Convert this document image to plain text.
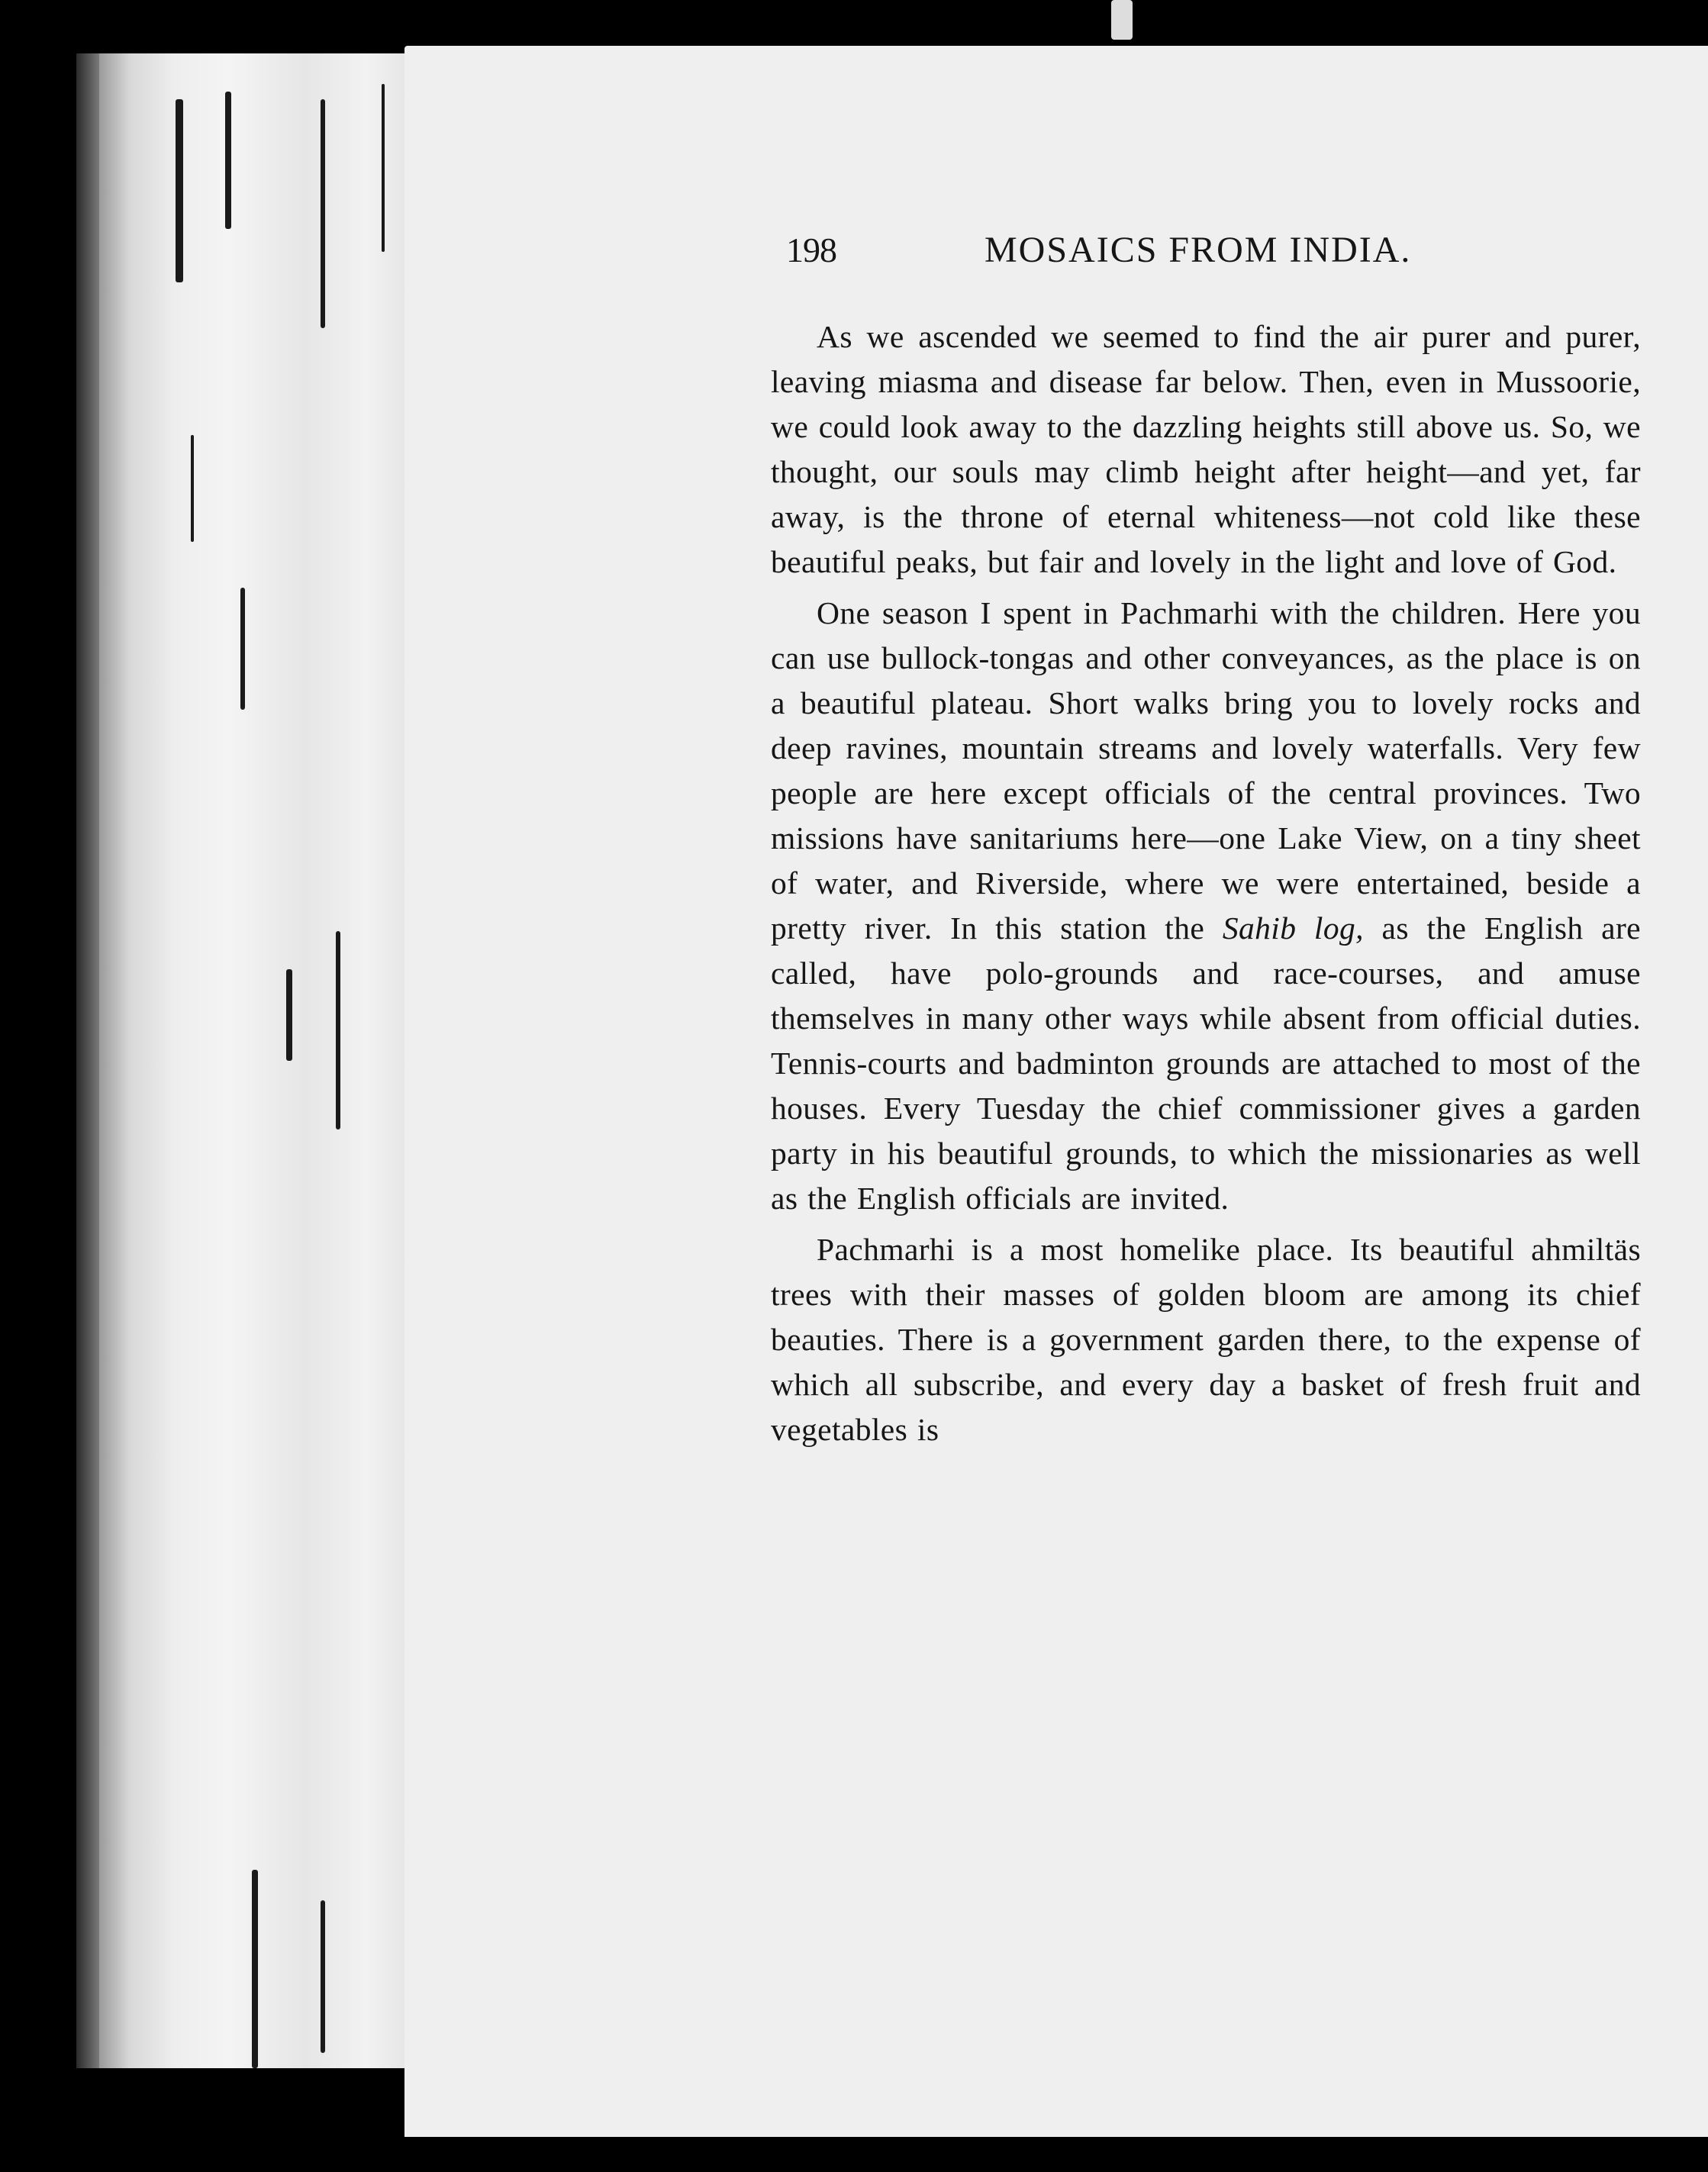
198	MOSAICS FROM INDIA.

As we ascended we seemed to find the air purer and purer, leaving miasma and disease far below. Then, even in Mussoorie, we could look away to the dazzling heights still above us. So, we thought, our souls may climb height after height—and yet, far away, is the throne of eternal whiteness—not cold like these beautiful peaks, but fair and lovely in the light and love of God.

One season I spent in Pachmarhi with the children. Here you can use bullock-tongas and other conveyances, as the place is on a beautiful plateau. Short walks bring you to lovely rocks and deep ravines, mountain streams and lovely waterfalls. Very few people are here except officials of the central provinces. Two missions have sanitariums here—one Lake View, on a tiny sheet of water, and Riverside, where we were entertained, beside a pretty river. In this station the Sahib log, as the English are called, have polo-grounds and race-courses, and amuse themselves in many other ways while absent from official duties. Tennis-courts and badminton grounds are attached to most of the houses. Every Tuesday the chief commissioner gives a garden party in his beautiful grounds, to which the missionaries as well as the English officials are invited.

Pachmarhi is a most homelike place. Its beautiful ahmiltäs trees with their masses of golden bloom are among its chief beauties. There is a government garden there, to the expense of which all subscribe, and every day a basket of fresh fruit and vegetables is
